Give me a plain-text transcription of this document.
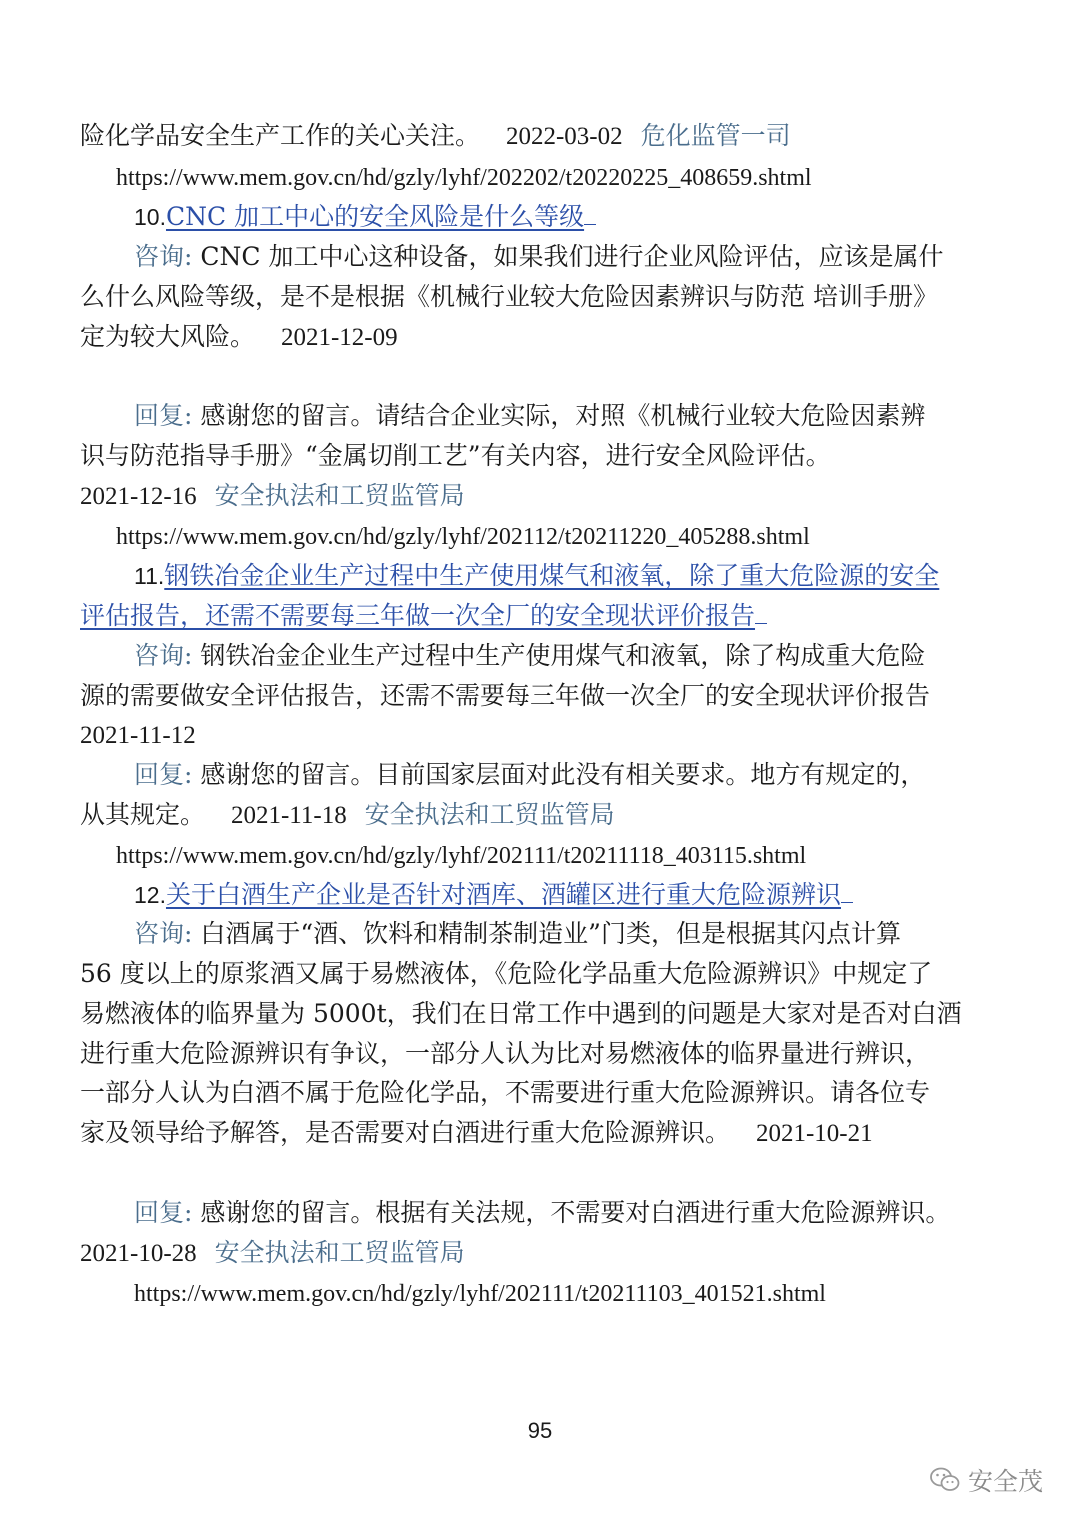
险化学品安全生产工作的关心关注。 2022-03-02 危化监管一司
https://www.mem.gov.cn/hd/gzly/lyhf/202202/t20220225_408659.shtml
10.CNC 加工中心的安全风险是什么等级
咨询: CNC 加工中心这种设备，如果我们进行企业风险评估，应该是属什
么什么风险等级，是不是根据《机械行业较大危险因素辨识与防范 培训手册》
定为较大风险。 2021-12-09
回复: 感谢您的留言。请结合企业实际，对照《机械行业较大危险因素辨
识与防范指导手册》“金属切削工艺”有关内容，进行安全风险评估。
2021-12-16 安全执法和工贸监管局
https://www.mem.gov.cn/hd/gzly/lyhf/202112/t20211220_405288.shtml
11.钢铁冶金企业生产过程中生产使用煤气和液氧，除了重大危险源的安全
评估报告，还需不需要每三年做一次全厂的安全现状评价报告
咨询: 钢铁冶金企业生产过程中生产使用煤气和液氧，除了构成重大危险
源的需要做安全评估报告，还需不需要每三年做一次全厂的安全现状评价报告
2021-11-12
回复: 感谢您的留言。目前国家层面对此没有相关要求。地方有规定的，
从其规定。 2021-11-18 安全执法和工贸监管局
https://www.mem.gov.cn/hd/gzly/lyhf/202111/t20211118_403115.shtml
12.关于白酒生产企业是否针对酒库、酒罐区进行重大危险源辨识
咨询: 白酒属于“酒、饮料和精制茶制造业”门类，但是根据其闪点计算
56 度以上的原浆酒又属于易燃液体，《危险化学品重大危险源辨识》中规定了
易燃液体的临界量为 5000t，我们在日常工作中遇到的问题是大家对是否对白酒
进行重大危险源辨识有争议，一部分人认为比对易燃液体的临界量进行辨识，
一部分人认为白酒不属于危险化学品，不需要进行重大危险源辨识。请各位专
家及领导给予解答，是否需要对白酒进行重大危险源辨识。 2021-10-21
回复: 感谢您的留言。根据有关法规，不需要对白酒进行重大危险源辨识。
2021-10-28 安全执法和工贸监管局
https://www.mem.gov.cn/hd/gzly/lyhf/202111/t20211103_401521.shtml
95
安全茂
